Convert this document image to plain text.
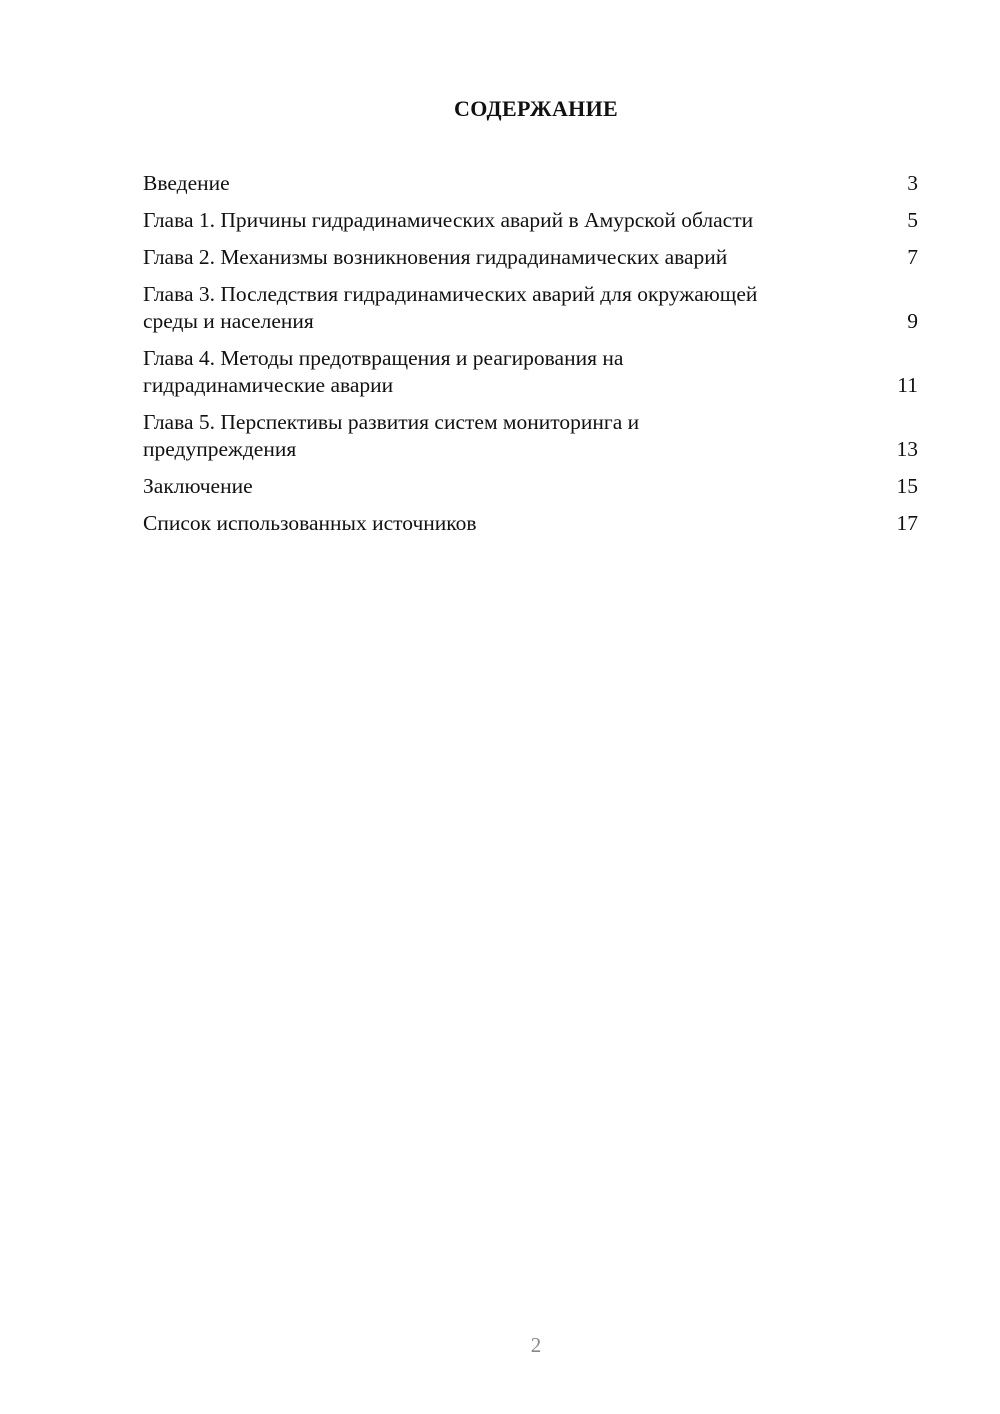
СОДЕРЖАНИЕ
Введение	3
Глава 1. Причины гидрадинамических аварий в Амурской области	5
Глава 2. Механизмы возникновения гидрадинамических аварий	7
Глава 3. Последствия гидрадинамических аварий для окружающей среды и населения	9
Глава 4. Методы предотвращения и реагирования на гидрадинамические аварии	11
Глава 5. Перспективы развития систем мониторинга и предупреждения	13
Заключение	15
Список использованных источников	17
2
